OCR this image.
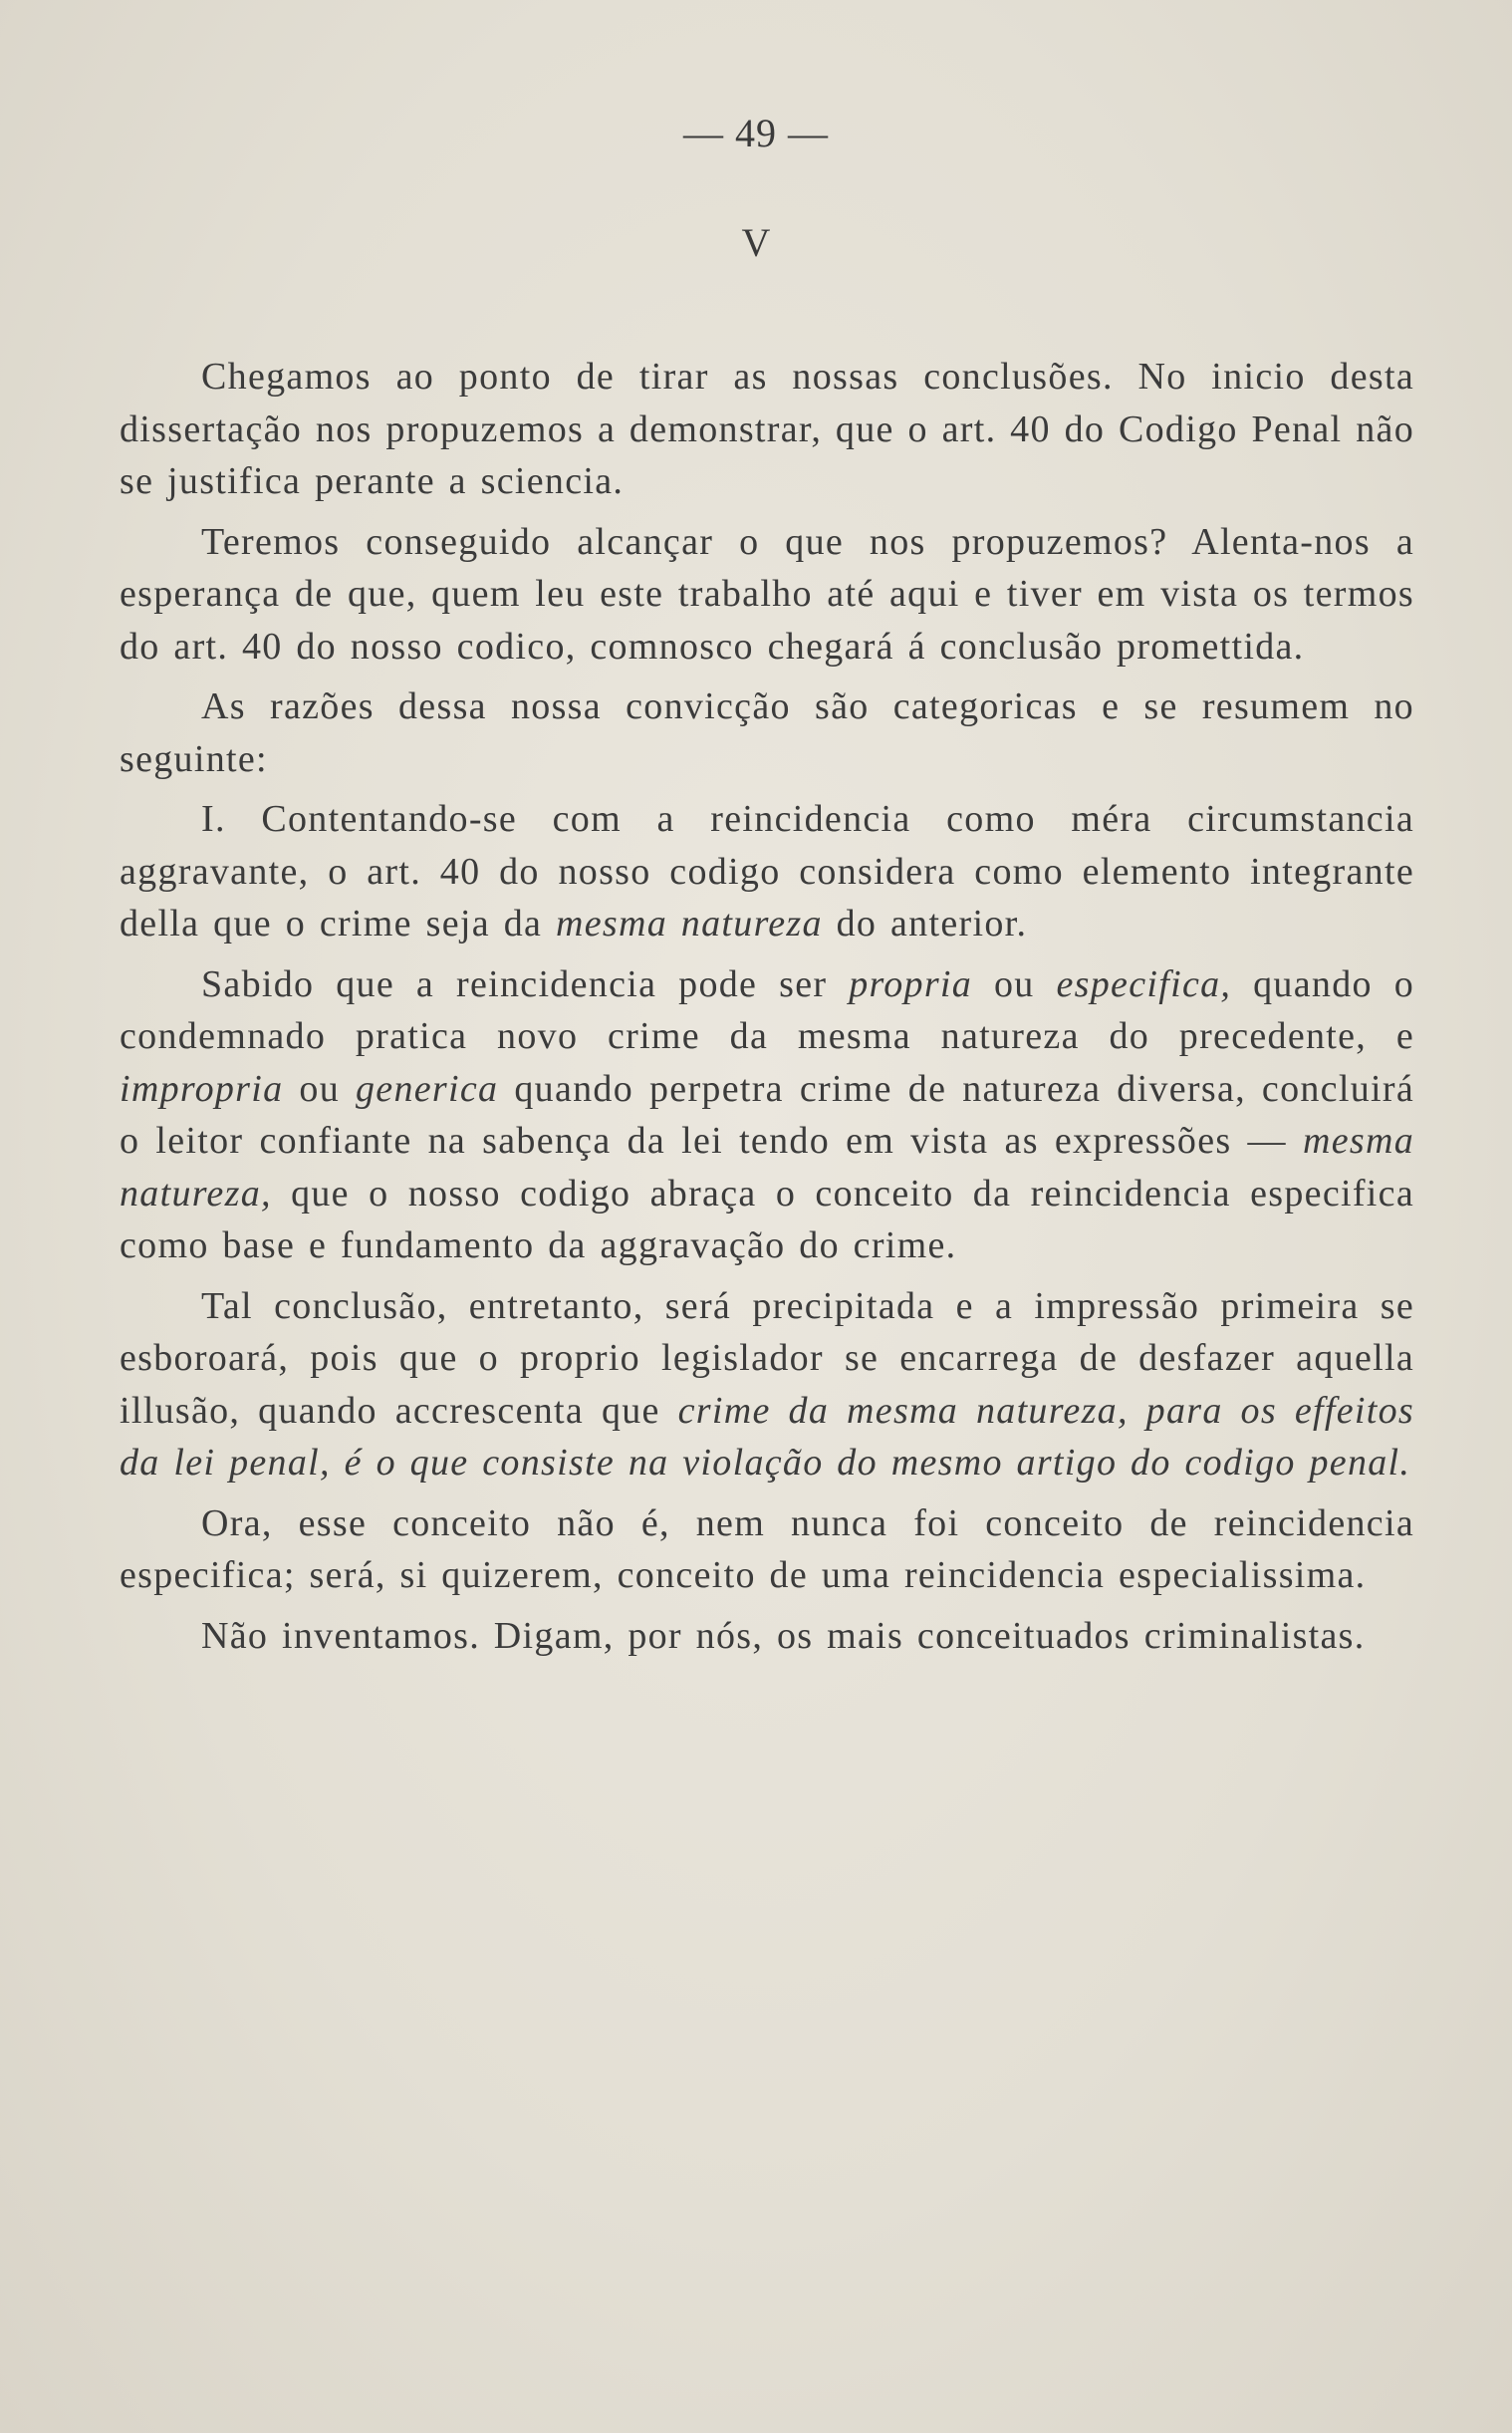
— 49 —
V

Chegamos ao ponto de tirar as nossas conclusões. No inicio desta dissertação nos propuzemos a demonstrar, que o art. 40 do Codigo Penal não se justifica perante a sciencia.

Teremos conseguido alcançar o que nos propuzemos? Alenta-nos a esperança de que, quem leu este trabalho até aqui e tiver em vista os termos do art. 40 do nosso codico, comnosco chegará á conclusão promettida.

As razões dessa nossa convicção são categoricas e se resumem no seguinte:

I. Contentando-se com a reincidencia como méra circumstancia aggravante, o art. 40 do nosso codigo considera como elemento integrante della que o crime seja da mesma natureza do anterior.

Sabido que a reincidencia pode ser propria ou especifica, quando o condemnado pratica novo crime da mesma natureza do precedente, e impropria ou generica quando perpetra crime de natureza diversa, concluirá o leitor confiante na sabença da lei tendo em vista as expressões — mesma natureza, que o nosso codigo abraça o conceito da reincidencia especifica como base e fundamento da aggravação do crime.

Tal conclusão, entretanto, será precipitada e a impressão primeira se esboroará, pois que o proprio legislador se encarrega de desfazer aquella illusão, quando accrescenta que crime da mesma natureza, para os effeitos da lei penal, é o que consiste na violação do mesmo artigo do codigo penal.

Ora, esse conceito não é, nem nunca foi conceito de reincidencia especifica; será, si quizerem, conceito de uma reincidencia especialissima.

Não inventamos. Digam, por nós, os mais conceituados criminalistas.
